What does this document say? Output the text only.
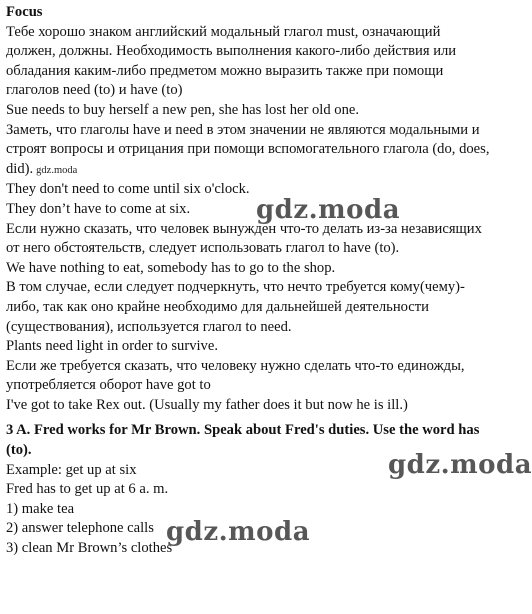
Focus
Тебе хорошо знаком английский модальный глагол must, означающий
должен, должны. Необходимость выполнения какого-либо действия или
обладания каким-либо предметом можно выразить также при помощи
глаголов need (to) и have (to)
Sue needs to buy herself a new pen, she has lost her old one.
Заметь, что глаголы have и need в этом значении не являются модальными и
строят вопросы и отрицания при помощи вспомогательного глагола (do, does,
did). gdz.moda
They don't need to come until six o'clock.
They don’t have to come at six.
Если нужно сказать, что человек вынужден что-то делать из-за независящих
от него обстоятельств, следует использовать глагол to have (to).
We have nothing to eat, somebody has to go to the shop.
В том случае, если следует подчеркнуть, что нечто требуется кому(чему)-
либо, так как оно крайне необходимо для дальнейшей деятельности
(существования), используется глагол to need.
Plants need light in order to survive.
Если же требуется сказать, что человеку нужно сделать что-то единожды,
употребляется оборот have got to
I've got to take Rex out. (Usually my father does it but now he is ill.)
3 A. Fred works for Mr Brown. Speak about Fred's duties. Use the word has
(to).
Example: get up at six
Fred has to get up at 6 a. m.
1) make tea
2) answer telephone calls
3) clean Mr Brown’s clothes
gdz.moda
gdz.moda
gdz.moda
